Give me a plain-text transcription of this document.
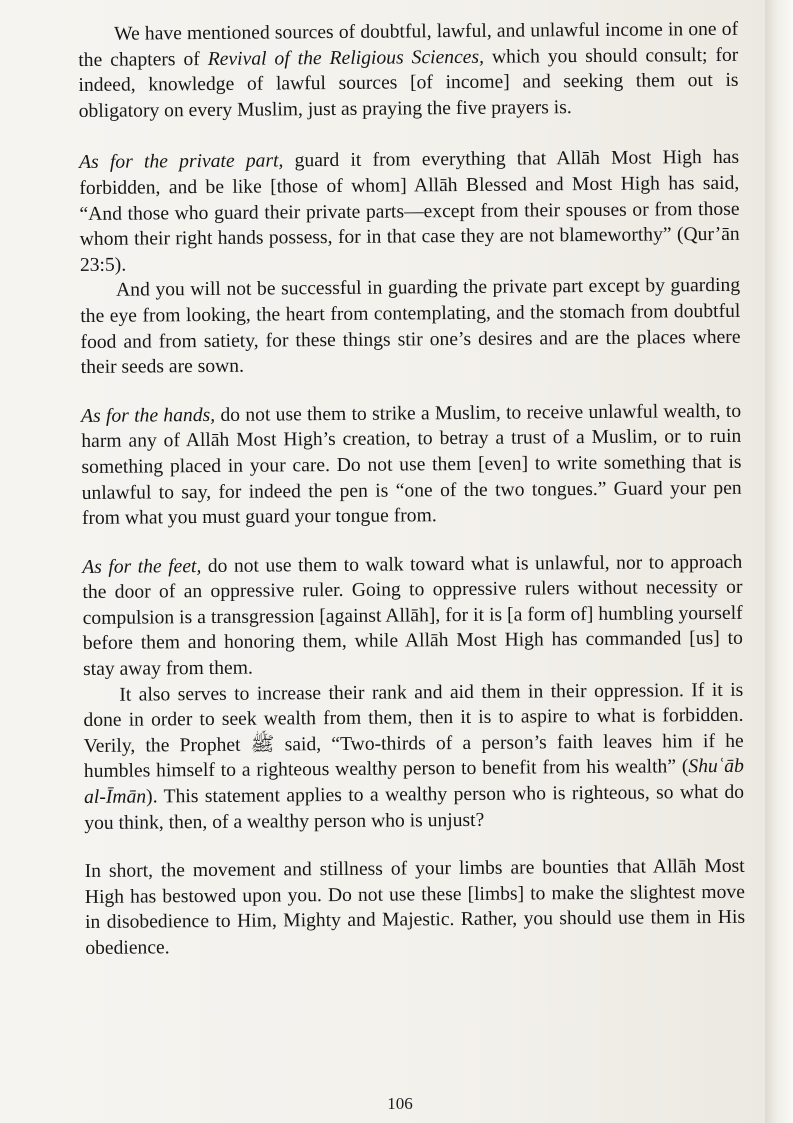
We have mentioned sources of doubtful, lawful, and unlawful income in one of the chapters of Revival of the Religious Sciences, which you should consult; for indeed, knowledge of lawful sources [of income] and seeking them out is obligatory on every Muslim, just as praying the five prayers is.

As for the private part, guard it from everything that Allāh Most High has forbidden, and be like [those of whom] Allāh Blessed and Most High has said, “And those who guard their private parts—except from their spouses or from those whom their right hands possess, for in that case they are not blameworthy” (Qur’ān 23:5).

And you will not be successful in guarding the private part except by guarding the eye from looking, the heart from contemplating, and the stomach from doubtful food and from satiety, for these things stir one’s desires and are the places where their seeds are sown.

As for the hands, do not use them to strike a Muslim, to receive unlawful wealth, to harm any of Allāh Most High’s creation, to betray a trust of a Muslim, or to ruin something placed in your care. Do not use them [even] to write something that is unlawful to say, for indeed the pen is “one of the two tongues.” Guard your pen from what you must guard your tongue from.

As for the feet, do not use them to walk toward what is unlawful, nor to approach the door of an oppressive ruler. Going to oppressive rulers without necessity or compulsion is a transgression [against Allāh], for it is [a form of] humbling yourself before them and honoring them, while Allāh Most High has commanded [us] to stay away from them.

It also serves to increase their rank and aid them in their oppression. If it is done in order to seek wealth from them, then it is to aspire to what is forbidden. Verily, the Prophet ﷺ said, “Two-thirds of a person’s faith leaves him if he humbles himself to a righteous wealthy person to benefit from his wealth” (Shuʿāb al-Īmān). This statement applies to a wealthy person who is righteous, so what do you think, then, of a wealthy person who is unjust?

In short, the movement and stillness of your limbs are bounties that Allāh Most High has bestowed upon you. Do not use these [limbs] to make the slightest move in disobedience to Him, Mighty and Majestic. Rather, you should use them in His obedience.

106
